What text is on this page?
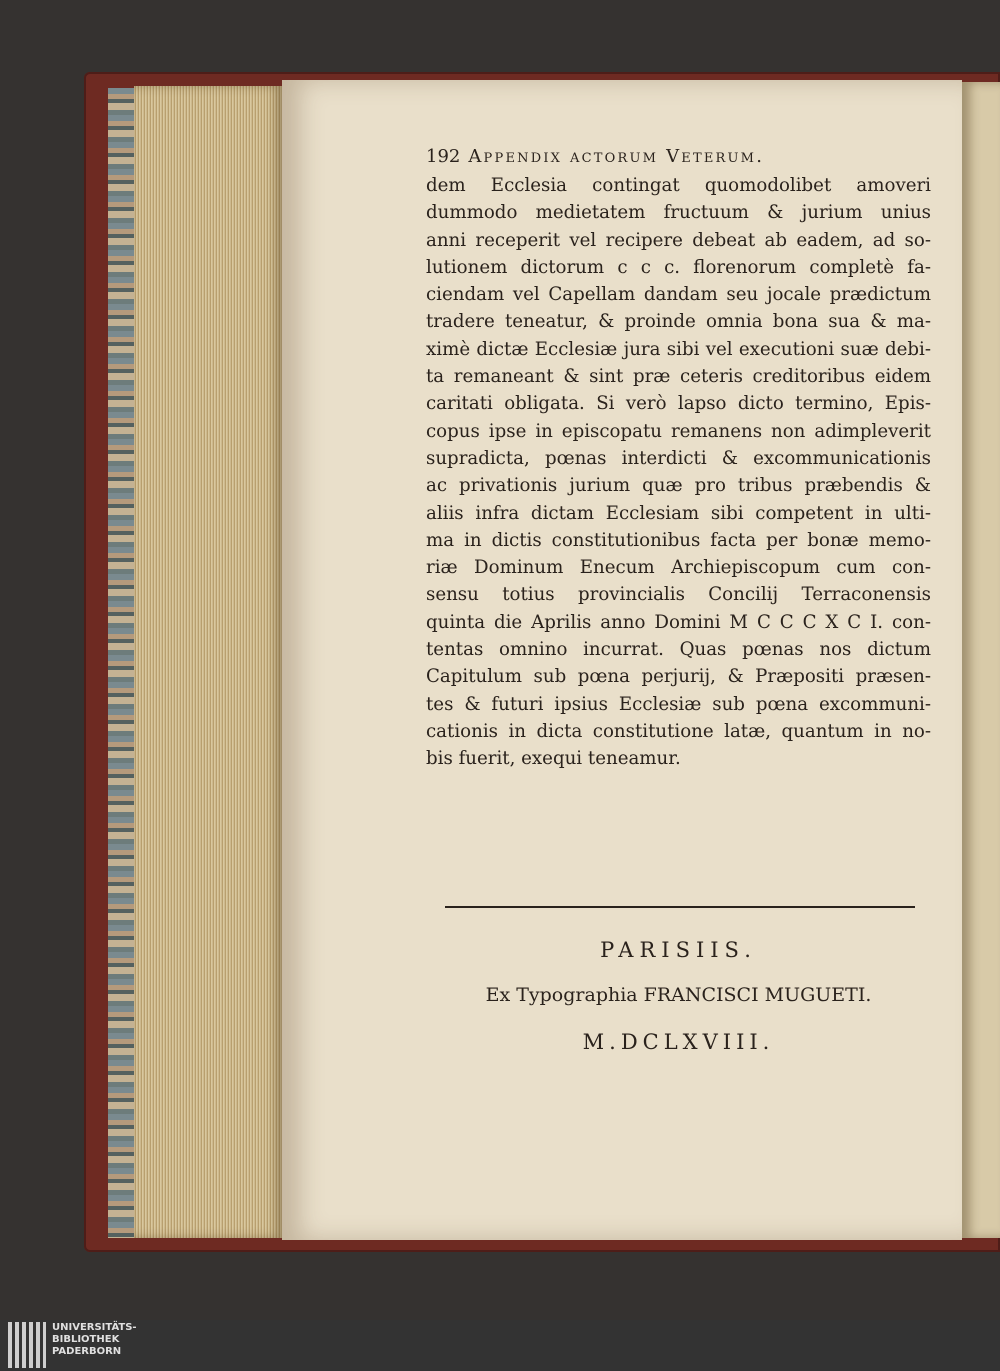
192 Appendix actorum Veterum.
dem Ecclesia contingat quomodolibet amoveri
dummodo medietatem fructuum & jurium unius
anni receperit vel recipere debeat ab eadem, ad so-
lutionem dictorum c c c. florenorum completè fa-
ciendam vel Capellam dandam seu jocale prædictum
tradere teneatur, & proinde omnia bona sua & ma-
ximè dictæ Ecclesiæ jura sibi vel executioni suæ debi-
ta remaneant & sint præ ceteris creditoribus eidem
caritati obligata. Si verò lapso dicto termino, Epis-
copus ipse in episcopatu remanens non adimpleverit
supradicta, pœnas interdicti & excommunicationis
ac privationis jurium quæ pro tribus præbendis &
aliis infra dictam Ecclesiam sibi competent in ulti-
ma in dictis constitutionibus facta per bonæ memo-
riæ Dominum Enecum Archiepiscopum cum con-
sensu totius provincialis Concilij Terraconensis
quinta die Aprilis anno Domini M C C C X C I. con-
tentas omnino incurrat. Quas pœnas nos dictum
Capitulum sub pœna perjurij, & Præpositi præsen-
tes & futuri ipsius Ecclesiæ sub pœna excommuni-
cationis in dicta constitutione latæ, quantum in no-
bis fuerit, exequi teneamur.
PARISIIS.
Ex Typographia FRANCISCI MUGUETI.
M.DCLXVIII.
UNIVERSITÄTS-
BIBLIOTHEK
PADERBORN
